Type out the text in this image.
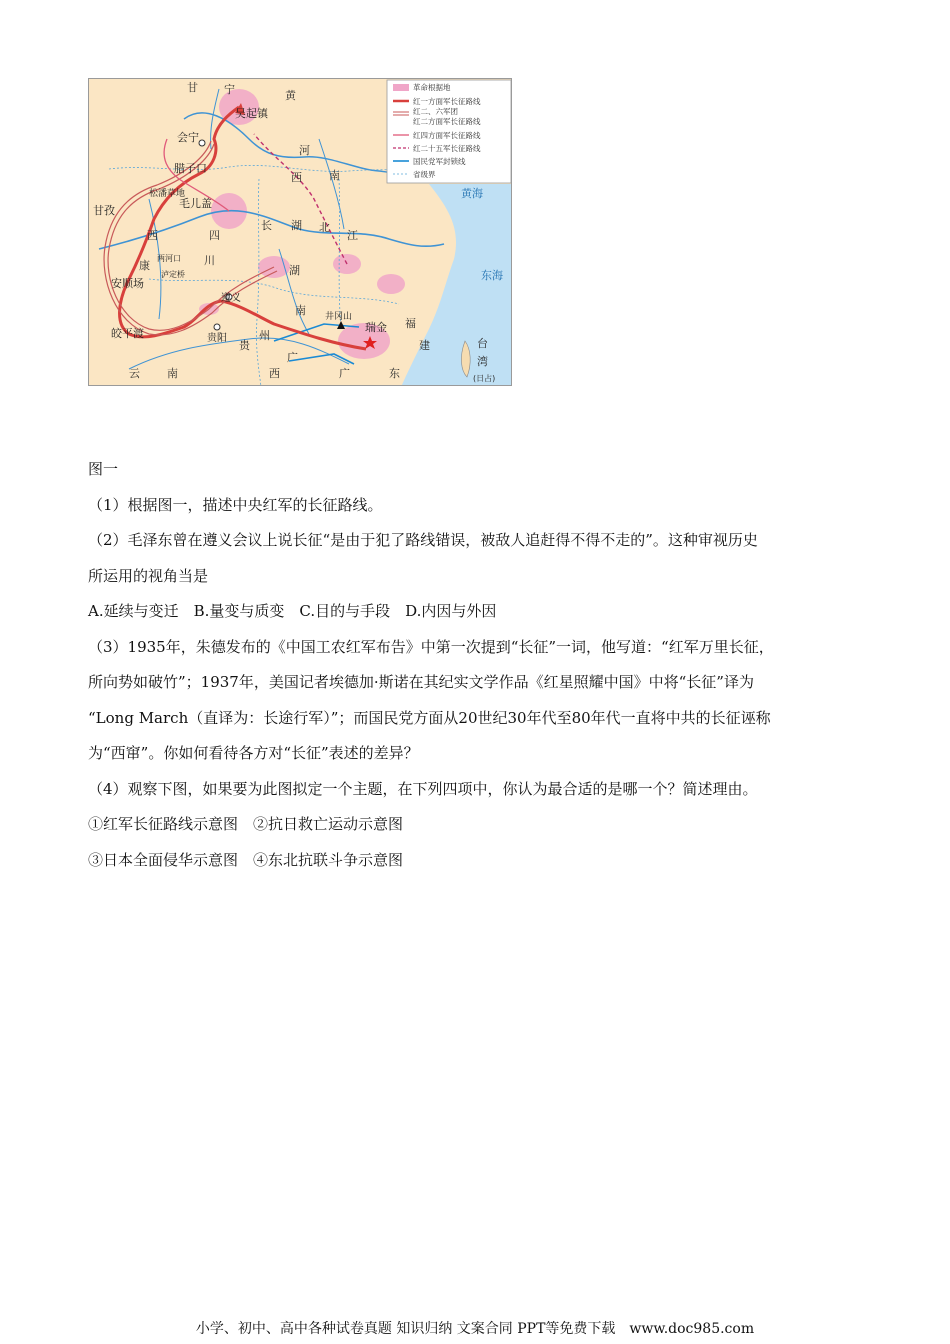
吴起镇
会宁
腊子口
松潘草地
毛儿盖
甘孜
两河口
泸定桥
安顺场
皎平渡
遵义
贵阳
井冈山
瑞金
宁
甘
黄
河
西 南
四
川
长 湖 北
江
西
康
贵
州
湖
南
福
建
广
西
云 南	广	东
台
湾
(日占)
黄海
东海
革命根据地
红一方面军长征路线
红二、六军团
红二方面军长征路线
红四方面军长征路线
红二十五军长征路线
国民党军封锁线
省级界

图一

（1）根据图一，描述中央红军的长征路线。

（2）毛泽东曾在遵义会议上说长征“是由于犯了路线错误，被敌人追赶得不得不走的”。这种审视历史

所运用的视角当是

A.延续与变迁　B.量变与质变　C.目的与手段　D.内因与外因

（3）1935年，朱德发布的《中国工农红军布告》中第一次提到“长征”一词，他写道：“红军万里长征，

所向势如破竹”；1937年，美国记者埃德加·斯诺在其纪实文学作品《红星照耀中国》中将“长征”译为

“Long March（直译为：长途行军）”；而国民党方面从20世纪30年代至80年代一直将中共的长征诬称

为“西窜”。你如何看待各方对“长征”表述的差异？

（4）观察下图，如果要为此图拟定一个主题，在下列四项中，你认为最合适的是哪一个？简述理由。

①红军长征路线示意图　②抗日救亡运动示意图

③日本全面侵华示意图　④东北抗联斗争示意图

小学、初中、高中各种试卷真题 知识归纳 文案合同 PPT等免费下载　www.doc985.com
